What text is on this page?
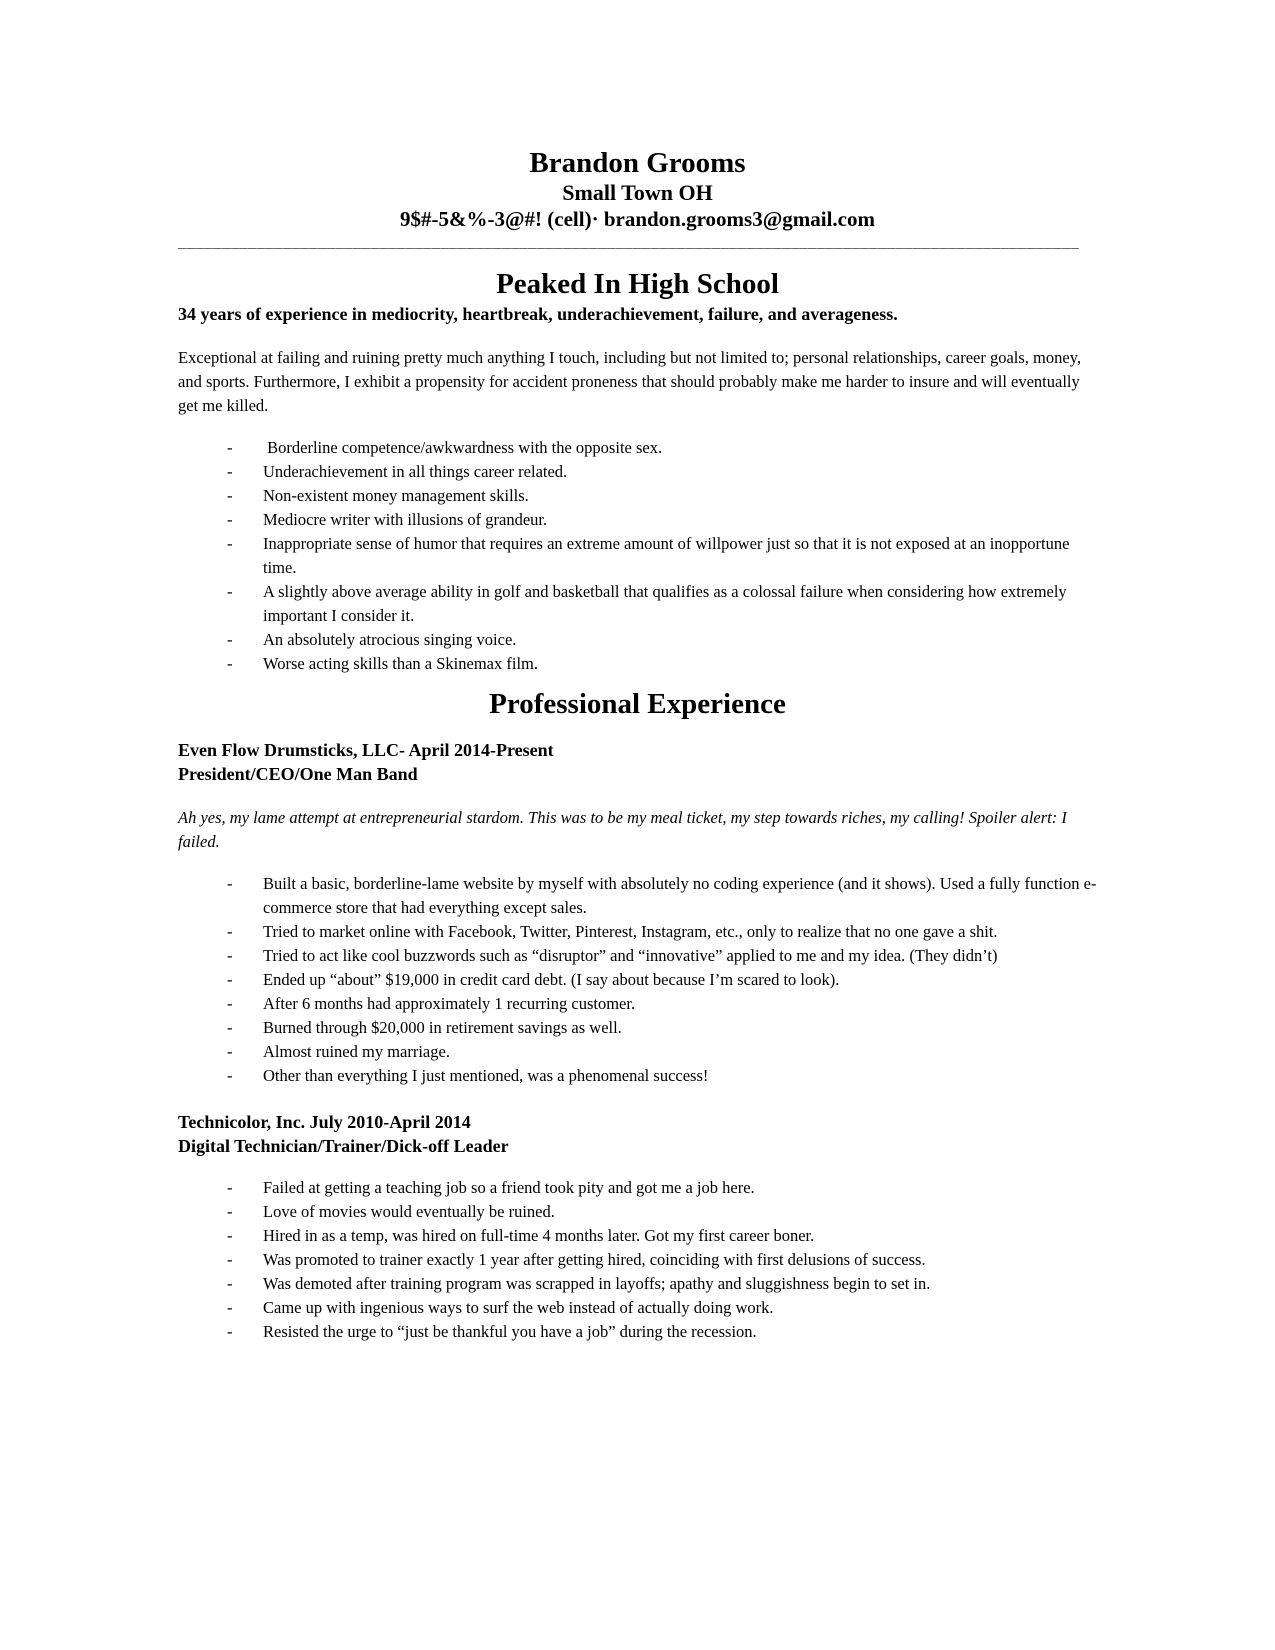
Brandon Grooms
Small Town OH
9$#-5&%-3@#! (cell)· brandon.grooms3@gmail.com
_______________________________________________________________________________________________________
Peaked In High School
34 years of experience in mediocrity, heartbreak, underachievement, failure, and averageness.
Exceptional at failing and ruining pretty much anything I touch, including but not limited to; personal relationships, career goals, money, and sports. Furthermore, I exhibit a propensity for accident proneness that should probably make me harder to insure and will eventually get me killed.
-  Borderline competence/awkwardness with the opposite sex.
- Underachievement in all things career related.
- Non-existent money management skills.
- Mediocre writer with illusions of grandeur.
- Inappropriate sense of humor that requires an extreme amount of willpower just so that it is not exposed at an inopportune time.
- A slightly above average ability in golf and basketball that qualifies as a colossal failure when considering how extremely important I consider it.
- An absolutely atrocious singing voice.
- Worse acting skills than a Skinemax film.
Professional Experience
Even Flow Drumsticks, LLC- April 2014-Present
President/CEO/One Man Band
Ah yes, my lame attempt at entrepreneurial stardom. This was to be my meal ticket, my step towards riches, my calling! Spoiler alert: I failed.
- Built a basic, borderline-lame website by myself with absolutely no coding experience (and it shows). Used a fully function e-commerce store that had everything except sales.
- Tried to market online with Facebook, Twitter, Pinterest, Instagram, etc., only to realize that no one gave a shit.
- Tried to act like cool buzzwords such as “disruptor” and “innovative” applied to me and my idea. (They didn’t)
- Ended up “about” $19,000 in credit card debt. (I say about because I’m scared to look).
- After 6 months had approximately 1 recurring customer.
- Burned through $20,000 in retirement savings as well.
- Almost ruined my marriage.
- Other than everything I just mentioned, was a phenomenal success!
Technicolor, Inc. July 2010-April 2014
Digital Technician/Trainer/Dick-off Leader
- Failed at getting a teaching job so a friend took pity and got me a job here.
- Love of movies would eventually be ruined.
- Hired in as a temp, was hired on full-time 4 months later. Got my first career boner.
- Was promoted to trainer exactly 1 year after getting hired, coinciding with first delusions of success.
- Was demoted after training program was scrapped in layoffs; apathy and sluggishness begin to set in.
- Came up with ingenious ways to surf the web instead of actually doing work.
- Resisted the urge to “just be thankful you have a job” during the recession.
